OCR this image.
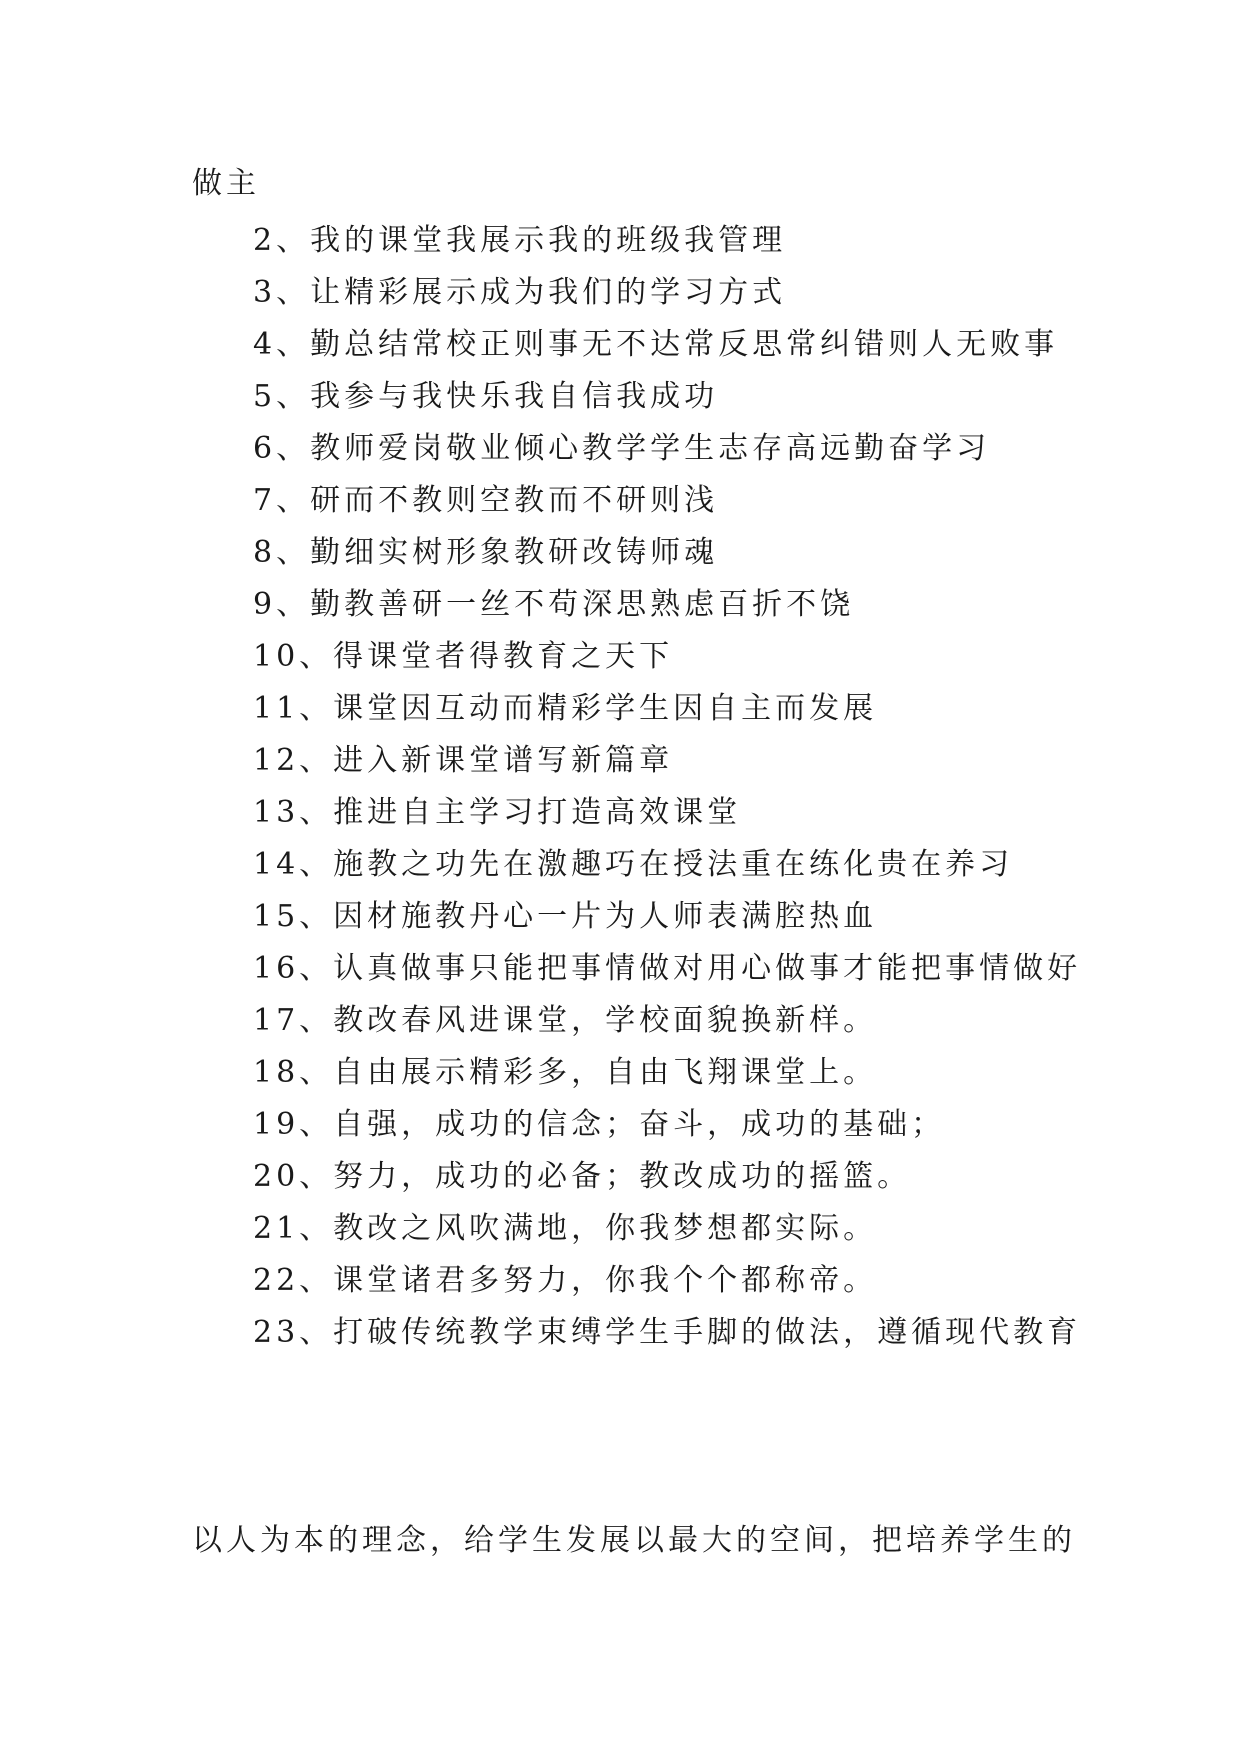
做主
2、我的课堂我展示我的班级我管理
3、让精彩展示成为我们的学习方式
4、勤总结常校正则事无不达常反思常纠错则人无败事
5、我参与我快乐我自信我成功
6、教师爱岗敬业倾心教学学生志存高远勤奋学习
7、研而不教则空教而不研则浅
8、勤细实树形象教研改铸师魂
9、勤教善研一丝不苟深思熟虑百折不饶
10、得课堂者得教育之天下
11、课堂因互动而精彩学生因自主而发展
12、进入新课堂谱写新篇章
13、推进自主学习打造高效课堂
14、施教之功先在激趣巧在授法重在练化贵在养习
15、因材施教丹心一片为人师表满腔热血
16、认真做事只能把事情做对用心做事才能把事情做好
17、教改春风进课堂，学校面貌换新样。
18、自由展示精彩多，自由飞翔课堂上。
19、自强，成功的信念；奋斗，成功的基础；
20、努力，成功的必备；教改成功的摇篮。
21、教改之风吹满地，你我梦想都实际。
22、课堂诸君多努力，你我个个都称帝。
23、打破传统教学束缚学生手脚的做法，遵循现代教育
以人为本的理念，给学生发展以最大的空间，把培养学生的
